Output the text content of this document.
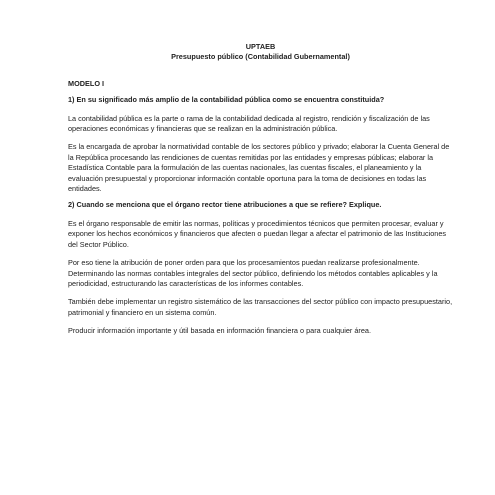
UPTAEB
Presupuesto público (Contabilidad Gubernamental)
MODELO I
1) En su significado más amplio de la contabilidad pública como se encuentra constituida?
La contabilidad pública es la parte o rama de la contabilidad dedicada al registro, rendición y fiscalización de las operaciones económicas y financieras que se realizan en la administración pública.
Es la encargada de aprobar la normatividad contable de los sectores público y privado; elaborar la Cuenta General de la República procesando las rendiciones de cuentas remitidas por las entidades y empresas públicas; elaborar la Estadística Contable para la formulación de las cuentas nacionales, las cuentas fiscales, el planeamiento y la evaluación presupuestal y proporcionar información contable oportuna para la toma de decisiones en todas las entidades.
2) Cuando se menciona que el órgano rector tiene atribuciones a que se refiere? Explique.
Es el órgano responsable de emitir las normas, políticas y procedimientos técnicos que permiten procesar, evaluar y exponer los hechos económicos y financieros que afecten o puedan llegar a afectar el patrimonio de las Instituciones del Sector Público.
Por eso tiene la atribución de poner orden para que los procesamientos puedan realizarse profesionalmente. Determinando las normas contables integrales del sector público, definiendo los métodos contables aplicables y la periodicidad, estructurando las características de los informes contables.
También debe implementar un registro sistemático de las transacciones del sector público con impacto presupuestario, patrimonial y financiero en un sistema común.
Producir información importante y útil basada en información financiera o para cualquier área.
